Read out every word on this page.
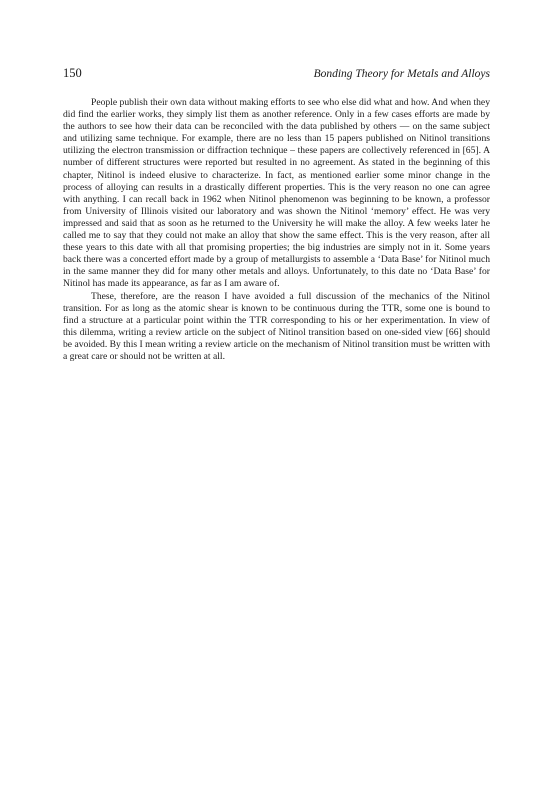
150	Bonding Theory for Metals and Alloys

People publish their own data without making efforts to see who else did what and how. And when they did find the earlier works, they simply list them as another reference. Only in a few cases efforts are made by the authors to see how their data can be reconciled with the data published by others — on the same subject and utilizing same technique. For example, there are no less than 15 papers published on Nitinol transitions utilizing the electron transmission or diffraction technique – these papers are collectively referenced in [65]. A number of different structures were reported but resulted in no agreement. As stated in the beginning of this chapter, Nitinol is indeed elusive to characterize. In fact, as mentioned earlier some minor change in the process of alloying can results in a drastically different properties. This is the very reason no one can agree with anything. I can recall back in 1962 when Nitinol phenomenon was beginning to be known, a professor from University of Illinois visited our laboratory and was shown the Nitinol ‘memory’ effect. He was very impressed and said that as soon as he returned to the University he will make the alloy. A few weeks later he called me to say that they could not make an alloy that show the same effect. This is the very reason, after all these years to this date with all that promising properties; the big industries are simply not in it. Some years back there was a concerted effort made by a group of metallurgists to assemble a ‘Data Base’ for Nitinol much in the same manner they did for many other metals and alloys. Unfortunately, to this date no ‘Data Base’ for Nitinol has made its appearance, as far as I am aware of.

These, therefore, are the reason I have avoided a full discussion of the mechanics of the Nitinol transition. For as long as the atomic shear is known to be continuous during the TTR, some one is bound to find a structure at a particular point within the TTR corresponding to his or her experimentation. In view of this dilemma, writing a review article on the subject of Nitinol transition based on one-sided view [66] should be avoided. By this I mean writing a review article on the mechanism of Nitinol transition must be written with a great care or should not be written at all.
